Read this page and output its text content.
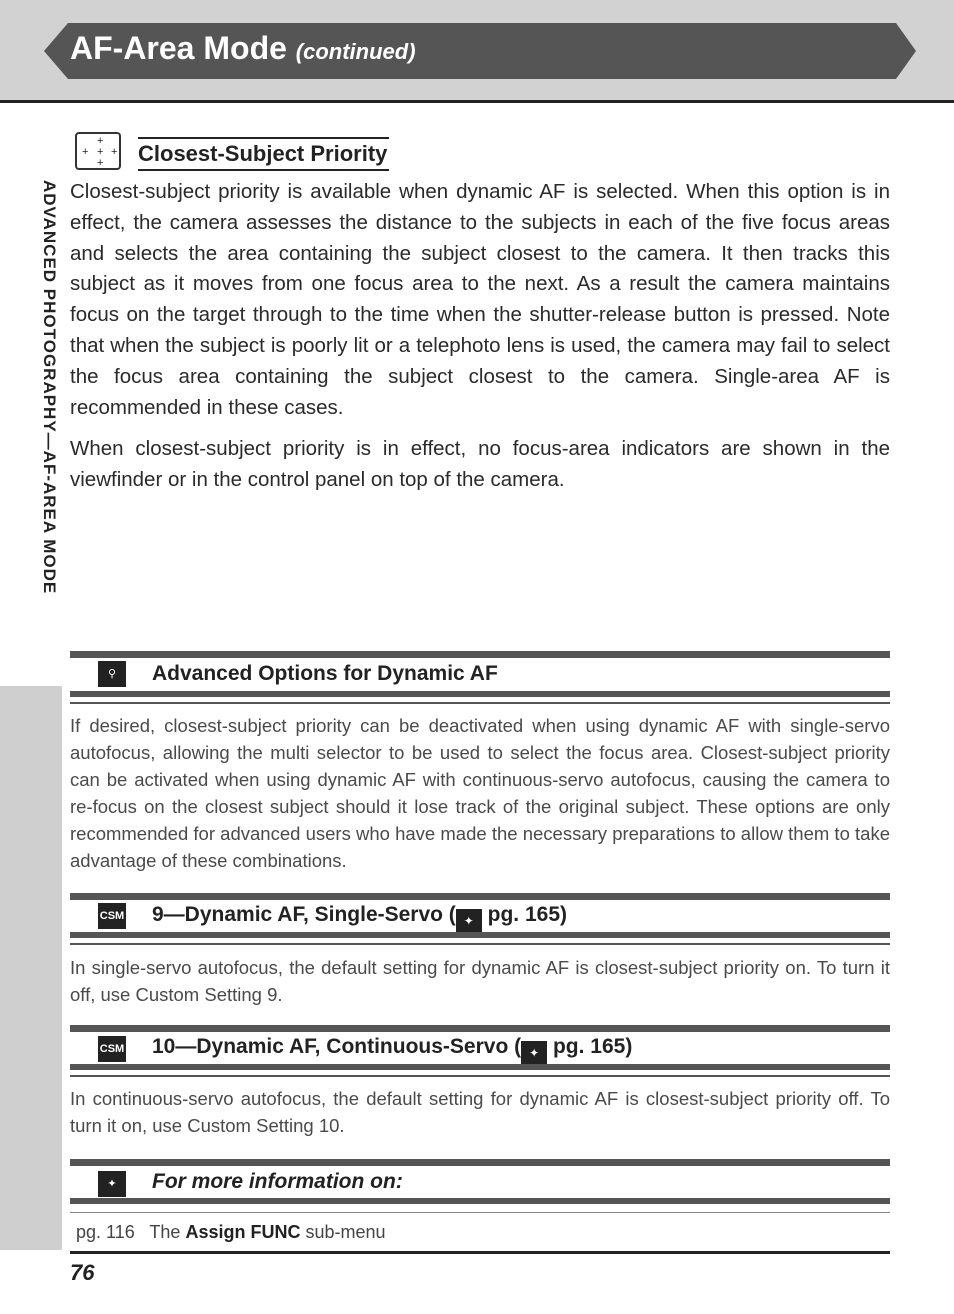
AF-Area Mode (continued)
ADVANCED PHOTOGRAPHY—AF-AREA MODE
+
+ + +
+ Closest-Subject Priority

Closest-subject priority is available when dynamic AF is selected. When this option is in effect, the camera assesses the distance to the subjects in each of the five focus areas and selects the area containing the subject closest to the camera. It then tracks this subject as it moves from one focus area to the next. As a result the camera maintains focus on the target through to the time when the shutter-release button is pressed. Note that when the subject is poorly lit or a telephoto lens is used, the camera may fail to select the focus area containing the subject closest to the camera. Single-area AF is recommended in these cases.

When closest-subject priority is in effect, no focus-area indicators are shown in the viewfinder or in the control panel on top of the camera.

⚲	Advanced Options for Dynamic AF

If desired, closest-subject priority can be deactivated when using dynamic AF with single-servo autofocus, allowing the multi selector to be used to select the focus area. Closest-subject priority can be activated when using dynamic AF with continuous-servo autofocus, causing the camera to re-focus on the closest subject should it lose track of the original subject. These options are only recommended for advanced users who have made the necessary preparations to allow them to take advantage of these combinations.

CSM 9—Dynamic AF, Single-Servo ( ✦ pg. 165)

In single-servo autofocus, the default setting for dynamic AF is closest-subject priority on. To turn it off, use Custom Setting 9.

CSM 10—Dynamic AF, Continuous-Servo ( ✦ pg. 165)

In continuous-servo autofocus, the default setting for dynamic AF is closest-subject priority off. To turn it on, use Custom Setting 10.

✦	For more information on:
pg. 116 The Assign FUNC sub-menu
76
